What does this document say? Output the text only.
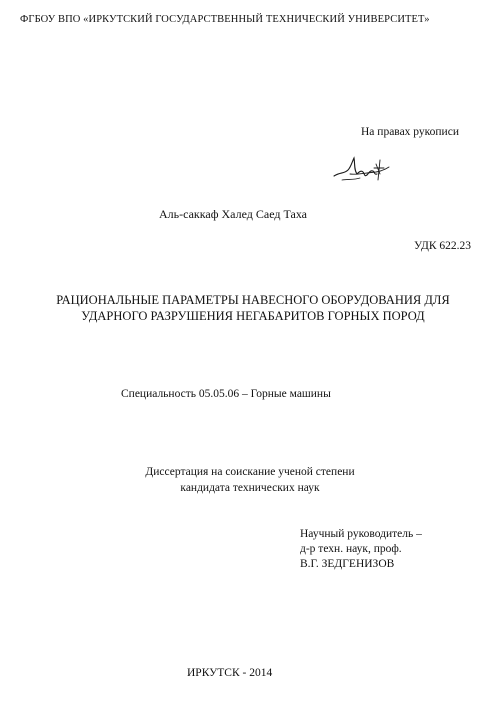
ФГБОУ ВПО «ИРКУТСКИЙ ГОСУДАРСТВЕННЫЙ ТЕХНИЧЕСКИЙ УНИВЕРСИТЕТ»
На правах рукописи
Аль-саккаф Халед Саед Таха
УДК 622.23
РАЦИОНАЛЬНЫЕ ПАРАМЕТРЫ НАВЕСНОГО ОБОРУДОВАНИЯ ДЛЯ
УДАРНОГО РАЗРУШЕНИЯ НЕГАБАРИТОВ ГОРНЫХ ПОРОД
Специальность 05.05.06 – Горные машины
Диссертация на соискание ученой степени
кандидата технических наук
Научный руководитель –
д-р техн. наук, проф.
В.Г. ЗЕДГЕНИЗОВ
ИРКУТСК - 2014
